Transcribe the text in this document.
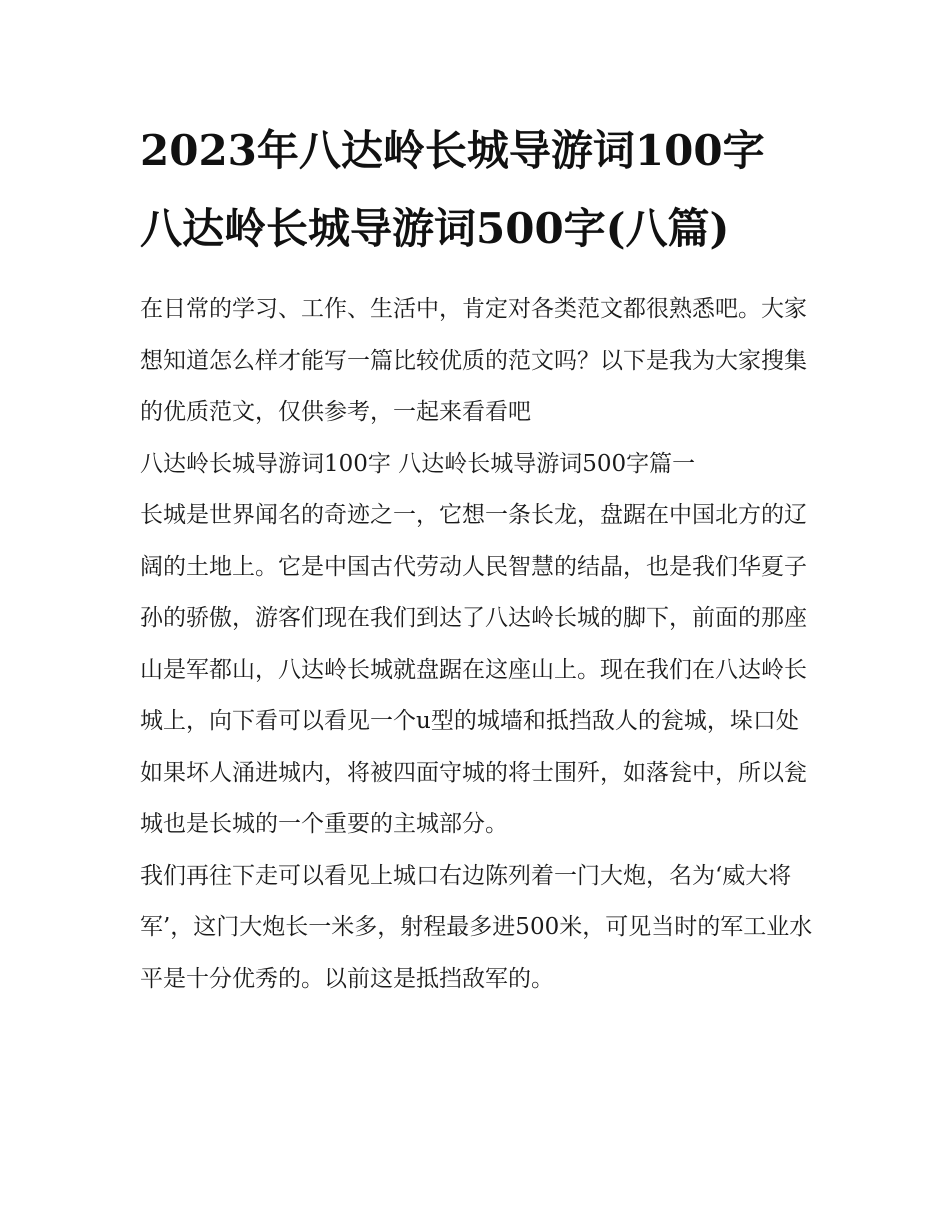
2023年八达岭长城导游词100字 八达岭长城导游词500字(八篇)

在日常的学习、工作、生活中，肯定对各类范文都很熟悉吧。大家想知道怎么样才能写一篇比较优质的范文吗？以下是我为大家搜集的优质范文，仅供参考，一起来看看吧

八达岭长城导游词100字 八达岭长城导游词500字篇一

长城是世界闻名的奇迹之一，它想一条长龙，盘踞在中国北方的辽阔的土地上。它是中国古代劳动人民智慧的结晶，也是我们华夏子孙的骄傲，游客们现在我们到达了八达岭长城的脚下，前面的那座山是军都山，八达岭长城就盘踞在这座山上。现在我们在八达岭长城上，向下看可以看见一个u型的城墙和抵挡敌人的瓮城，垛口处如果坏人涌进城内，将被四面守城的将士围歼，如落瓮中，所以瓮城也是长城的一个重要的主城部分。

我们再往下走可以看见上城口右边陈列着一门大炮，名为‘威大将军’，这门大炮长一米多，射程最多进500米，可见当时的军工业水平是十分优秀的。以前这是抵挡敌军的。
